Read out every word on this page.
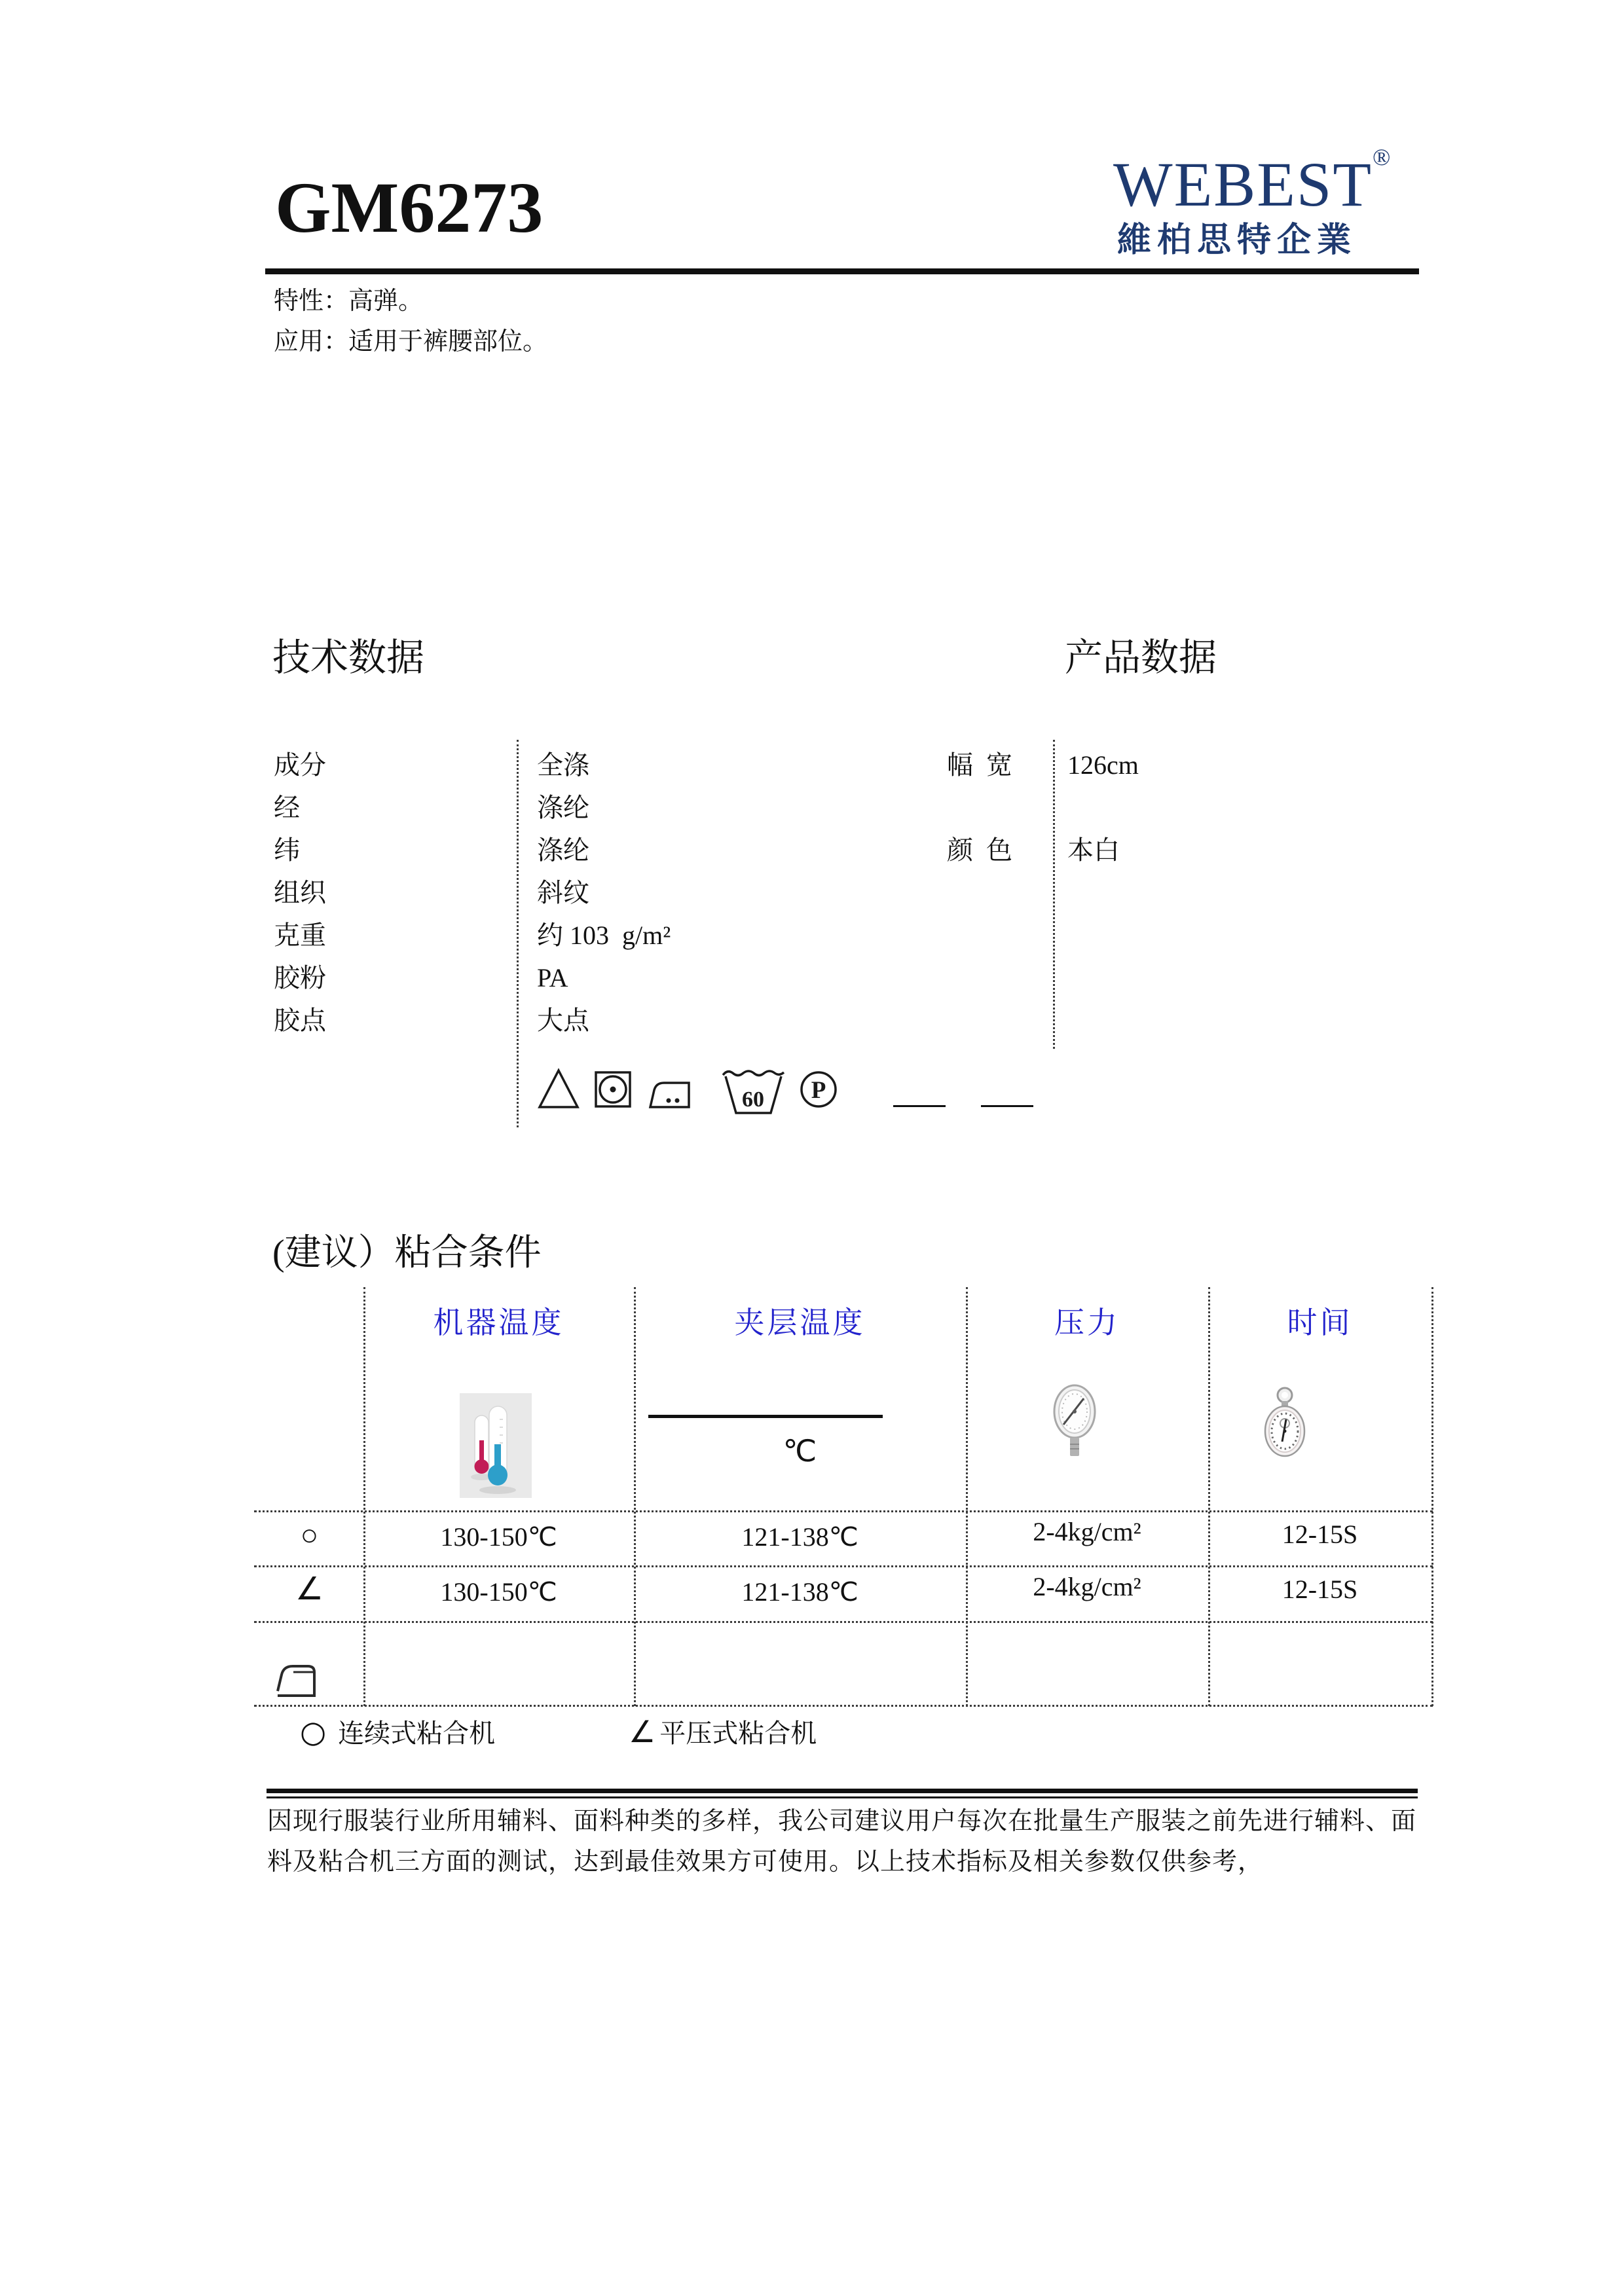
GM6273	WEBEST®
維柏思特企業
特性：高弹。
应用：适用于裤腰部位。
技术数据	产品数据
成分	全涤
经	涤纶
纬	涤纶
组织	斜纹
克重	约 103  g/m²
胶粉	PA
胶点	大点
幅  宽 126cm
颜  色 本白
60 P
(建议）粘合条件
机器温度	夹层温度	压力	时间
℃
○	130-150℃	121-138℃	2-4kg/cm²	12-15S
∠	130-150℃	121-138℃	2-4kg/cm²	12-15S
○ 连续式粘合机	∠ 平压式粘合机
因现行服装行业所用辅料、面料种类的多样，我公司建议用户每次在批量生产服装之前先进行辅料、面
料及粘合机三方面的测试，达到最佳效果方可使用。以上技术指标及相关参数仅供参考，
